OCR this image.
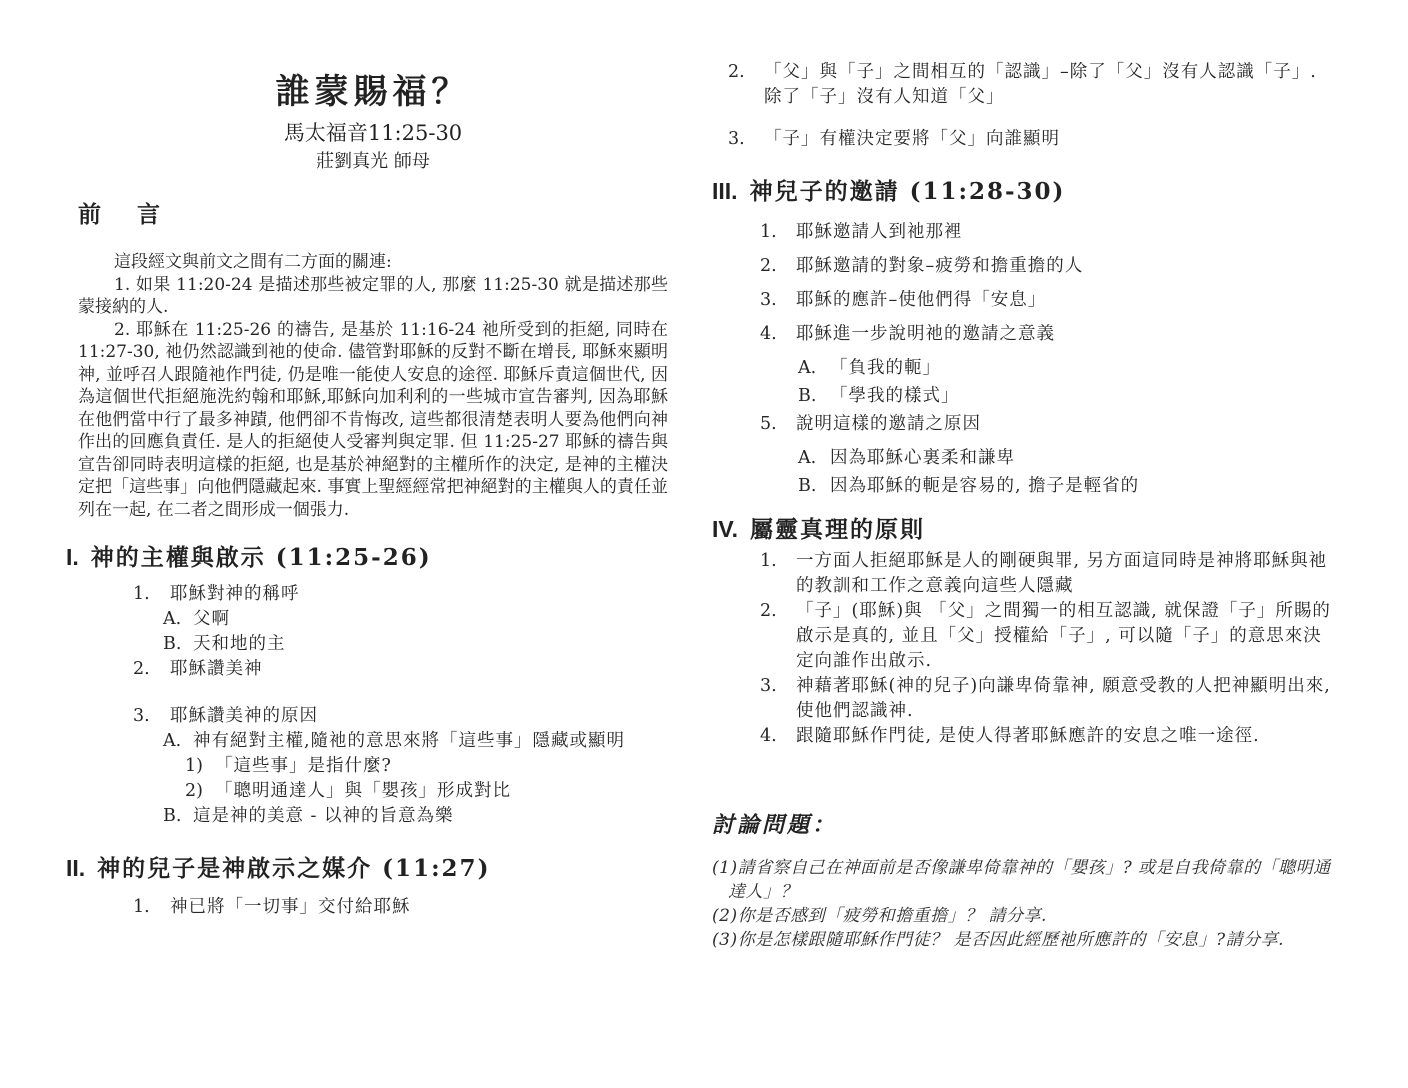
誰蒙賜福？
馬太福音11:25-30
莊劉真光 師母
前 言

這段經文與前文之間有二方面的關連:

1. 如果 11:20-24 是描述那些被定罪的人, 那麼 11:25-30 就是描述那些蒙接納的人.

2. 耶穌在 11:25-26 的禱告, 是基於 11:16-24 祂所受到的拒絕, 同時在 11:27-30, 祂仍然認識到祂的使命. 儘管對耶穌的反對不斷在增長, 耶穌來顯明神, 並呼召人跟隨祂作門徒, 仍是唯一能使人安息的途徑. 耶穌斥責這個世代, 因為這個世代拒絕施洗約翰和耶穌,耶穌向加利利的一些城市宣告審判, 因為耶穌在他們當中行了最多神蹟, 他們卻不肯悔改, 這些都很清楚表明人要為他們向神作出的回應負責任. 是人的拒絕使人受審判與定罪. 但 11:25-27 耶穌的禱告與宣告卻同時表明這樣的拒絕, 也是基於神絕對的主權所作的決定, 是神的主權決定把「這些事」向他們隱藏起來. 事實上聖經經常把神絕對的主權與人的責任並列在一起, 在二者之間形成一個張力.

I. 神的主權與啟示 (11:25-26)
1.	耶穌對神的稱呼
A. 父啊
B. 天和地的主
2.	耶穌讚美神
3.	耶穌讚美神的原因
A. 神有絕對主權,隨祂的意思來將「這些事」隱藏或顯明
1) 「這些事」是指什麼?
2) 「聰明通達人」與「嬰孩」形成對比
B. 這是神的美意 - 以神的旨意為樂
II. 神的兒子是神啟示之媒介 (11:27)
1.	神已將「一切事」交付給耶穌
2.	「父」與「子」之間相互的「認識」–除了「父」沒有人認識「子」. 除了「子」沒有人知道「父」
3.	「子」有權決定要將「父」向誰顯明
III. 神兒子的邀請 (11:28-30)
1.	耶穌邀請人到祂那裡
2.	耶穌邀請的對象–疲勞和擔重擔的人
3.	耶穌的應許–使他們得「安息」
4.	耶穌進一步說明祂的邀請之意義
A. 「負我的軛」
B. 「學我的樣式」
5.	說明這樣的邀請之原因
A. 因為耶穌心裏柔和謙卑
B. 因為耶穌的軛是容易的, 擔子是輕省的
IV. 屬靈真理的原則
1.	一方面人拒絕耶穌是人的剛硬與罪, 另方面這同時是神將耶穌與祂的教訓和工作之意義向這些人隱藏
2.	「子」(耶穌)與 「父」之間獨一的相互認識, 就保證「子」所賜的啟示是真的, 並且「父」授權給「子」, 可以隨「子」的意思來決定向誰作出啟示.
3.	神藉著耶穌(神的兒子)向謙卑倚靠神, 願意受教的人把神顯明出來, 使他們認識神.
4.	跟隨耶穌作門徒, 是使人得著耶穌應許的安息之唯一途徑.
討論問題：

(1)請省察自己在神面前是否像謙卑倚靠神的「嬰孩」? 或是自我倚靠的「聰明通達人」？

(2)你是否感到「疲勞和擔重擔」？ 請分享.

(3)你是怎樣跟隨耶穌作門徒？ 是否因此經歷祂所應許的「安息」?請分享.
